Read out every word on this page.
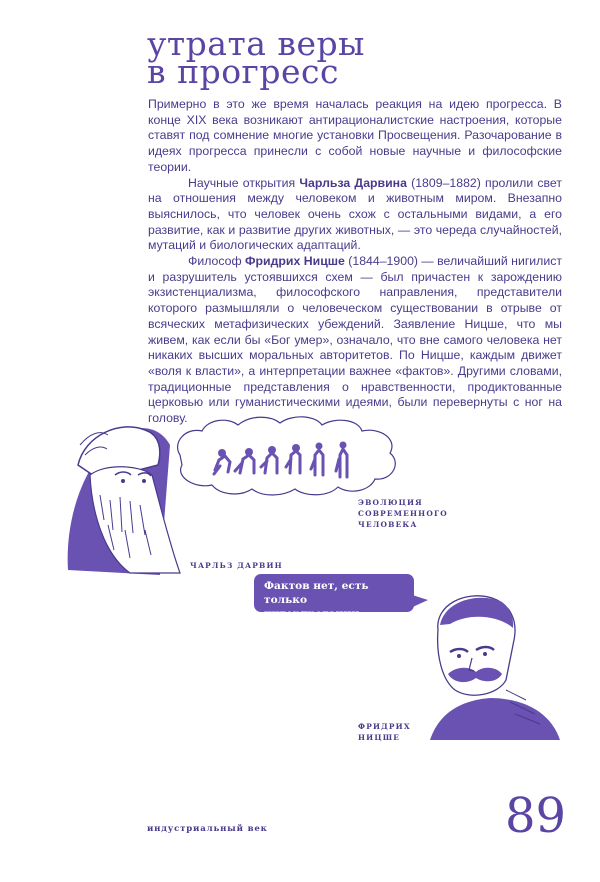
утрата веры
в прогресс

Примерно в это же время началась реакция на идею прогресса. В конце XIX века возникают антирационалистские настроения, которые ставят под сомнение многие установки Просвещения. Разочарование в идеях прогресса принесли с собой новые научные и философские теории.

Научные открытия Чарльза Дарвина (1809–1882) пролили свет на отношения между человеком и животным миром. Внезапно выяснилось, что человек очень схож с остальными видами, а его развитие, как и развитие других животных, — это череда случайностей, мутаций и биологических адаптаций.

Философ Фридрих Ницше (1844–1900) — величайший нигилист и разрушитель устоявшихся схем — был причастен к зарождению экзистенциализма, философского направления, представители которого размышляли о человеческом существовании в отрыве от всяческих метафизических убеждений. Заявление Ницше, что мы живем, как если бы «Бог умер», означало, что вне самого человека нет никаких высших моральных авторитетов. По Ницше, каждым движет «воля к власти», а интерпретации важнее «фактов». Другими словами, традиционные представления о нравственности, продиктованные церковью или гуманистическими идеями, были перевернуты с ног на голову.

ЭВОЛЮЦИЯ
СОВРЕМЕННОГО
ЧЕЛОВЕКА
ЧАРЛЬЗ ДАРВИН
Фактов нет, есть только
интерпретации.
ФРИДРИХ
НИЦШЕ
89
индустриальный век
